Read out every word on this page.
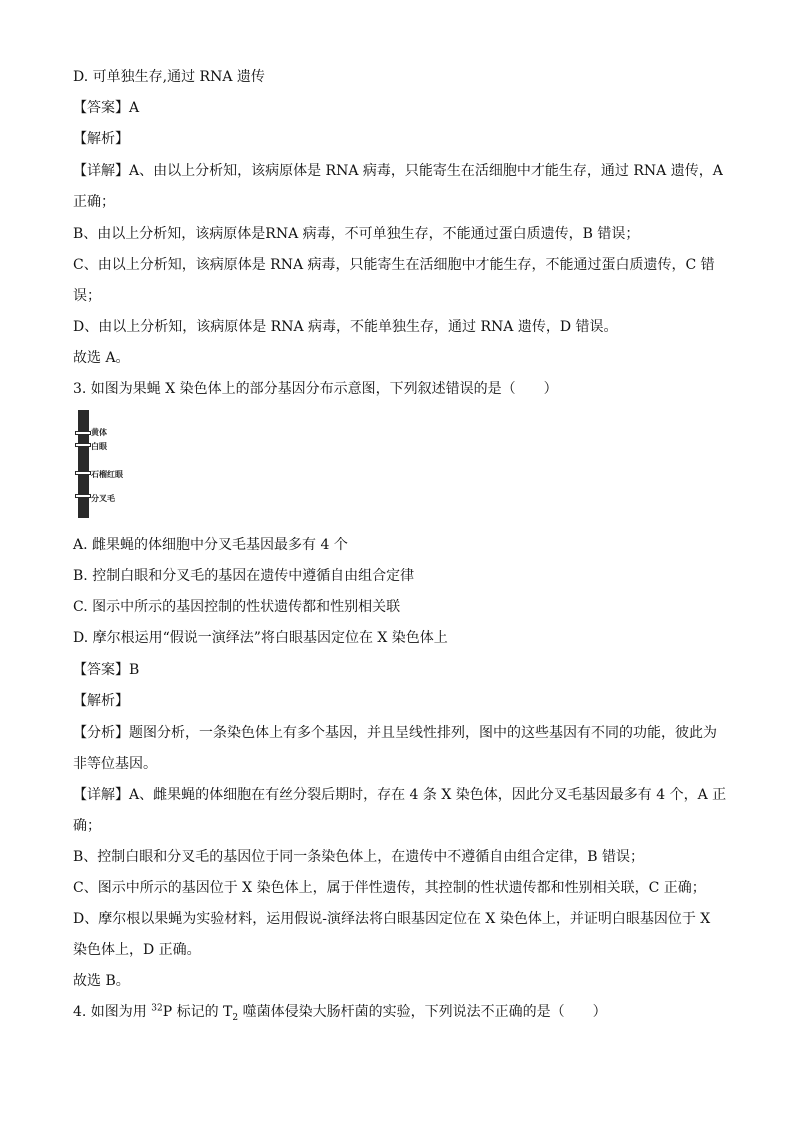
D. 可单独生存,通过 RNA 遗传
【答案】A
【解析】
【详解】A、由以上分析知，该病原体是 RNA 病毒，只能寄生在活细胞中才能生存，通过 RNA 遗传，A
正确；
B、由以上分析知，该病原体是RNA 病毒，不可单独生存，不能通过蛋白质遗传，B 错误；
C、由以上分析知，该病原体是 RNA 病毒，只能寄生在活细胞中才能生存，不能通过蛋白质遗传，C 错
误；
D、由以上分析知，该病原体是 RNA 病毒，不能单独生存，通过 RNA 遗传，D 错误。
故选 A。
3. 如图为果蝇 X 染色体上的部分基因分布示意图，下列叙述错误的是（　　）
黄体
白眼
石榴红眼
分叉毛
A. 雌果蝇的体细胞中分叉毛基因最多有 4 个
B. 控制白眼和分叉毛的基因在遗传中遵循自由组合定律
C. 图示中所示的基因控制的性状遗传都和性别相关联
D. 摩尔根运用“假说一演绎法”将白眼基因定位在 X 染色体上
【答案】B
【解析】
【分析】题图分析，一条染色体上有多个基因，并且呈线性排列，图中的这些基因有不同的功能，彼此为
非等位基因。
【详解】A、雌果蝇的体细胞在有丝分裂后期时，存在 4 条 X 染色体，因此分叉毛基因最多有 4 个，A 正
确；
B、控制白眼和分叉毛的基因位于同一条染色体上，在遗传中不遵循自由组合定律，B 错误；
C、图示中所示的基因位于 X 染色体上，属于伴性遗传，其控制的性状遗传都和性别相关联，C 正确；
D、摩尔根以果蝇为实验材料，运用假说-演绎法将白眼基因定位在 X 染色体上，并证明白眼基因位于 X
染色体上，D 正确。
故选 B。
4. 如图为用 $^{32}$P 标记的 $T_2$ 噬菌体侵染大肠杆菌的实验，下列说法不正确的是（　　）
